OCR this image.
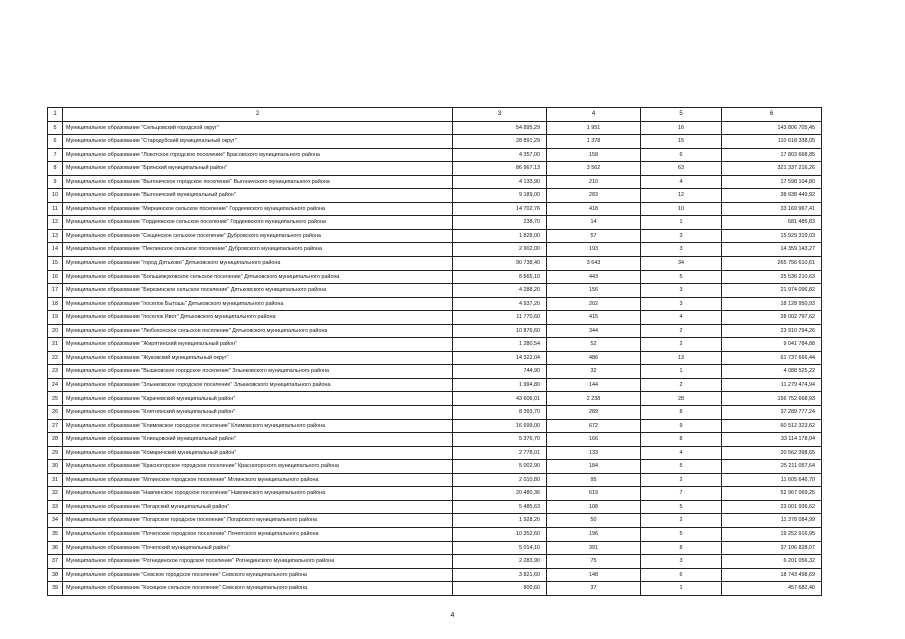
1	2	3	4	5	6
5	Муниципальное образование "Сельцовский городской округ"	54 895,29	1 951	16	143 806 705,45
6	Муниципальное образование "Стародубский муниципальный округ"	28 891,29	1 378	15	110 618 338,05
7	Муниципальное образование "Локотское городское поселение" Брасовского муниципального района	4 357,00	158	6	17 803 668,85
8	Муниципальное образование "Брянский муниципальный район"	86 967,13	3 562	63	321 337 216,26
9	Муниципальное образование "Выгоничское городское поселение" Выгоничского муниципального района	4 133,90	210	4	17 598 104,80
10	Муниципальное образование "Выгоничский муниципальный район"	9 189,00	283	12	38 938 449,92
11	Муниципальное образование "Мирнинское сельское поселение" Гордеевского муниципального района	14 702,76	418	10	33 169 967,41
12	Муниципальное образование "Гордеевское сельское поселение" Гордеевского муниципального района	238,70	14	1	681 485,83
13	Муниципальное образование "Сещинское сельское поселение" Дубровского муниципального района	1 828,00	57	3	15 929 319,03
14	Муниципальное образование "Пеклинское сельское поселение" Дубровского муниципального района	2 902,00	193	3	14 359 143,27
15	Муниципальное образование "город Дятьково" Дятьковского муниципального района	90 738,40	3 643	34	265 756 610,61
16	Муниципальное образование "Большежуковское сельское поселение" Дятьковского муниципального района	8 565,10	443	5	25 536 210,63
17	Муниципальное образование "Березинское сельское поселение" Дятьковского муниципального района	4 288,20	156	3	21 974 096,82
18	Муниципальное образование "поселок Бытошь" Дятьковского муниципального района	4 937,20	202	3	18 128 950,93
19	Муниципальное образование "поселок Ивот" Дятьковского муниципального района	11 770,60	415	4	28 002 797,62
20	Муниципальное образование "Любохонское сельское поселение" Дятьковского муниципального района	10 876,60	344	2	23 910 794,26
21	Муниципальное образование "Жирятинский муниципальный район"	1 280,54	52	2	9 041 784,88
22	Муниципальное образование "Жуковский муниципальный округ"	14 322,04	486	13	61 737 666,44
23	Муниципальное образование "Вышковское городское поселение" Злынковского муниципального района	744,90	32	1	4 088 525,22
24	Муниципальное образование "Злынковское городское поселение" Злынковского муниципального района	1 994,80	144	2	11 279 474,94
25	Муниципальное образование "Карачевский муниципальный район"	43 606,01	2 238	28	156 752 668,93
26	Муниципальное образование "Клетнянский муниципальный район"	8 393,70	289	8	37 289 777,24
27	Муниципальное образование "Климовское городское поселение" Климовского муниципального района	16 699,00	672	9	60 512 323,62
28	Муниципальное образование "Клинцовский муниципальный район"	5 376,70	166	8	33 114 178,04
29	Муниципальное образование "Комаричский муниципальный район"	2 778,01	133	4	20 562 398,65
30	Муниципальное образование "Красногорское городское поселение" Красногорского муниципального района	5 002,90	184	5	25 211 057,64
31	Муниципальное образование "Мглинское городское поселение" Мглинского муниципального района	2 010,80	95	2	11 605 646,70
32	Муниципальное образование "Навлинское городское поселение" Навлинского муниципального района	20 480,36	619	7	52 967 069,25
33	Муниципальное образование "Погарский муниципальный район"	5 485,63	108	5	23 001 936,62
34	Муниципальное образование "Погарское городское поселение" Погарского муниципального района	1 928,20	50	2	11 378 084,99
35	Муниципальное образование "Почепское городское поселение" Почепского муниципального района	10 352,60	196	5	19 252 916,95
36	Муниципальное образование "Почепский муниципальный район"	5 014,10	391	8	37 106 828,07
37	Муниципальное образование "Рогнединское городское поселение" Рогнединского муниципального района	2 283,90	75	3	6 201 056,32
38	Муниципальное образование "Севское городское поселение" Севского муниципального района	3 821,60	148	6	18 743 498,69
39	Муниципальное образование "Косицкое сельское поселение" Севского муниципального района	800,60	37	1	457 682,40
4
